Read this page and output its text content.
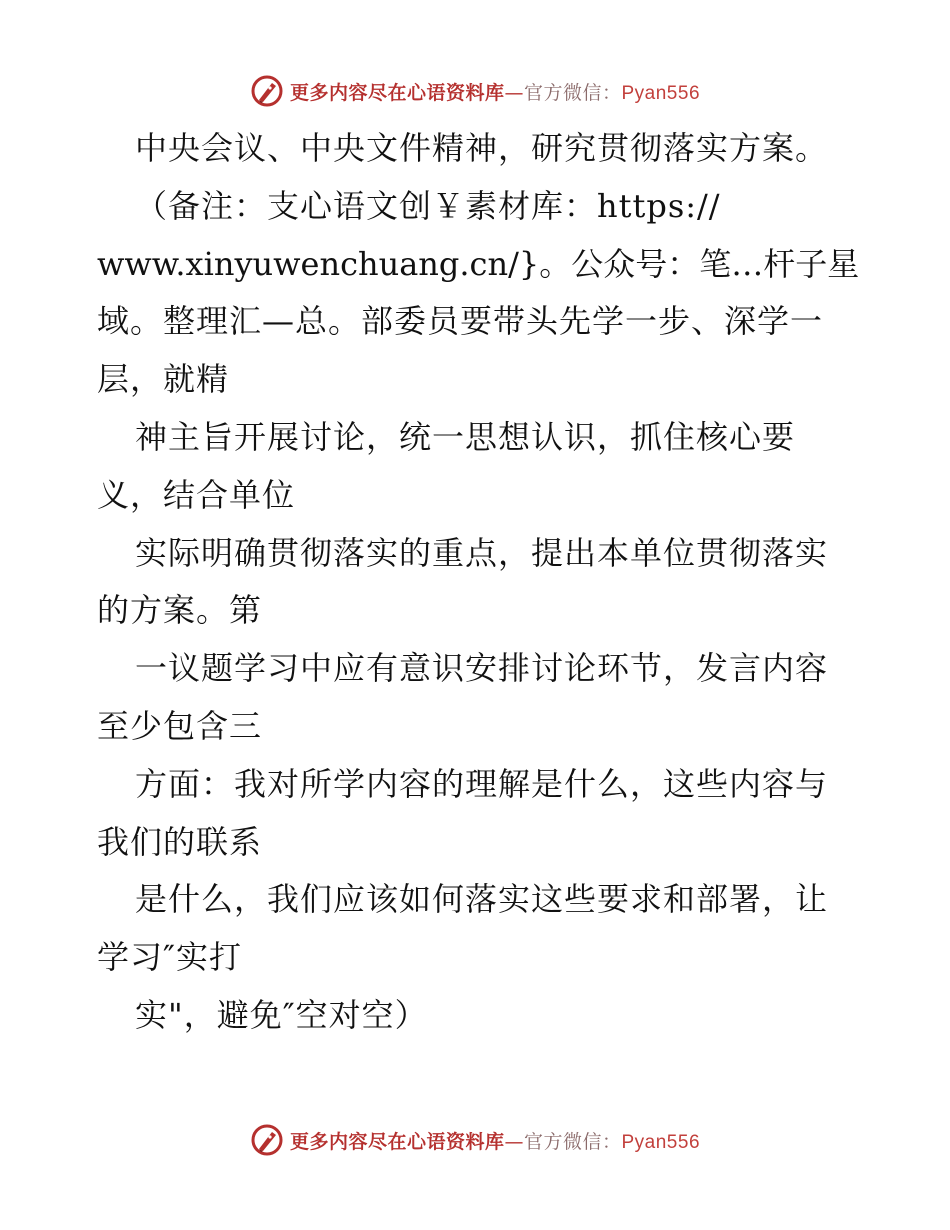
更多内容尽在心语资料库—官方微信：Pyan556
中央会议、中央文件精神，研究贯彻落实方案。
（备注：支心语文创￥素材库：https://
www.xinyuwenchuang.cn/}。公众号：笔…杆子星
域。整理汇—总。部委员要带头先学一步、深学一
层，就精
神主旨开展讨论，统一思想认识，抓住核心要
义，结合单位
实际明确贯彻落实的重点，提出本单位贯彻落实
的方案。第
一议题学习中应有意识安排讨论环节，发言内容
至少包含三
方面：我对所学内容的理解是什么，这些内容与
我们的联系
是什么，我们应该如何落实这些要求和部署，让
学习″实打
实"，避免″空对空）
更多内容尽在心语资料库—官方微信：Pyan556
